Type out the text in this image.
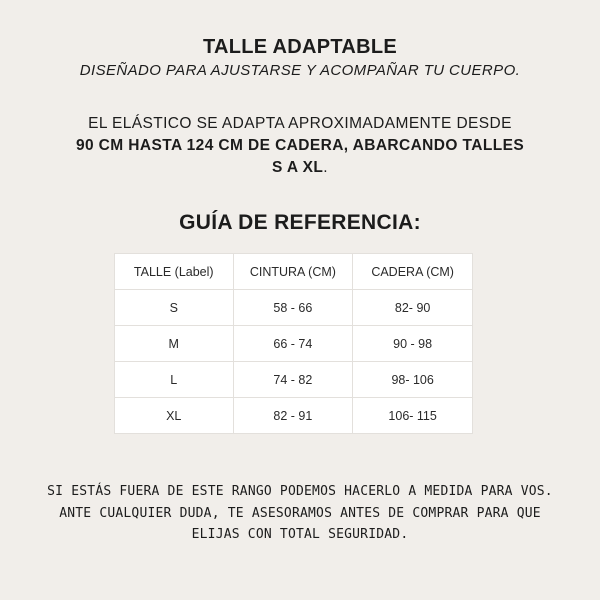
TALLE ADAPTABLE

DISEÑADO PARA AJUSTARSE Y ACOMPAÑAR TU CUERPO.

EL ELÁSTICO SE ADAPTA APROXIMADAMENTE DESDE
90 CM HASTA 124 CM DE CADERA, ABARCANDO TALLES
S A XL.

GUÍA DE REFERENCIA:
TALLE (Label)	CINTURA (CM)	CADERA (CM)
S	58 - 66	82- 90
M	66 - 74	90 - 98
L	74 - 82	98- 106
XL	82 - 91	106- 115

SI ESTÁS FUERA DE ESTE RANGO PODEMOS HACERLO A MEDIDA PARA VOS.
ANTE CUALQUIER DUDA, TE ASESORAMOS ANTES DE COMPRAR PARA QUE
ELIJAS CON TOTAL SEGURIDAD.
